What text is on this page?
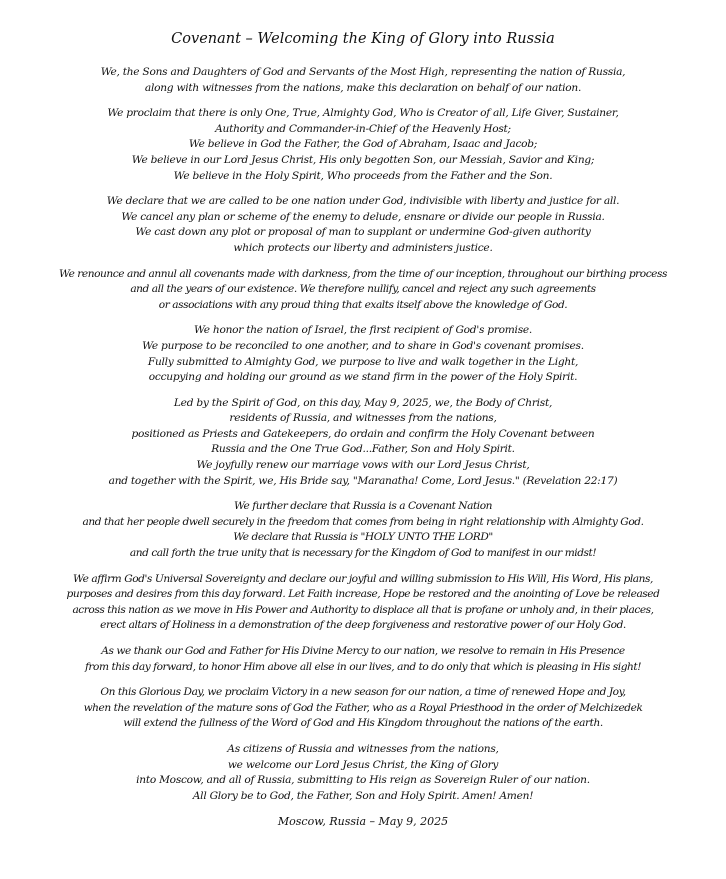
Covenant – Welcoming the King of Glory into Russia
We, the Sons and Daughters of God and Servants of the Most High, representing the nation of Russia,
along with witnesses from the nations, make this declaration on behalf of our nation.
We proclaim that there is only One, True, Almighty God, Who is Creator of all, Life Giver, Sustainer,
Authority and Commander-in-Chief of the Heavenly Host;
We believe in God the Father, the God of Abraham, Isaac and Jacob;
We believe in our Lord Jesus Christ, His only begotten Son, our Messiah, Savior and King;
We believe in the Holy Spirit, Who proceeds from the Father and the Son.
We declare that we are called to be one nation under God, indivisible with liberty and justice for all.
We cancel any plan or scheme of the enemy to delude, ensnare or divide our people in Russia.
We cast down any plot or proposal of man to supplant or undermine God-given authority
which protects our liberty and administers justice.
We renounce and annul all covenants made with darkness, from the time of our inception, throughout our birthing process
and all the years of our existence. We therefore nullify, cancel and reject any such agreements
or associations with any proud thing that exalts itself above the knowledge of God.
We honor the nation of Israel, the first recipient of God's promise.
We purpose to be reconciled to one another, and to share in God's covenant promises.
Fully submitted to Almighty God, we purpose to live and walk together in the Light,
occupying and holding our ground as we stand firm in the power of the Holy Spirit.
Led by the Spirit of God, on this day, May 9, 2025, we, the Body of Christ,
residents of Russia, and witnesses from the nations,
positioned as Priests and Gatekeepers, do ordain and confirm the Holy Covenant between
Russia and the One True God...Father, Son and Holy Spirit.
We joyfully renew our marriage vows with our Lord Jesus Christ,
and together with the Spirit, we, His Bride say, "Maranatha! Come, Lord Jesus." (Revelation 22:17)
We further declare that Russia is a Covenant Nation
and that her people dwell securely in the freedom that comes from being in right relationship with Almighty God.
We declare that Russia is "HOLY UNTO THE LORD"
and call forth the true unity that is necessary for the Kingdom of God to manifest in our midst!
We affirm God's Universal Sovereignty and declare our joyful and willing submission to His Will, His Word, His plans,
purposes and desires from this day forward. Let Faith increase, Hope be restored and the anointing of Love be released
across this nation as we move in His Power and Authority to displace all that is profane or unholy and, in their places,
erect altars of Holiness in a demonstration of the deep forgiveness and restorative power of our Holy God.
As we thank our God and Father for His Divine Mercy to our nation, we resolve to remain in His Presence
from this day forward, to honor Him above all else in our lives, and to do only that which is pleasing in His sight!
On this Glorious Day, we proclaim Victory in a new season for our nation, a time of renewed Hope and Joy,
when the revelation of the mature sons of God the Father, who as a Royal Priesthood in the order of Melchizedek
will extend the fullness of the Word of God and His Kingdom throughout the nations of the earth.
As citizens of Russia and witnesses from the nations,
we welcome our Lord Jesus Christ, the King of Glory
into Moscow, and all of Russia, submitting to His reign as Sovereign Ruler of our nation.
All Glory be to God, the Father, Son and Holy Spirit. Amen! Amen!
Moscow, Russia – May 9, 2025
